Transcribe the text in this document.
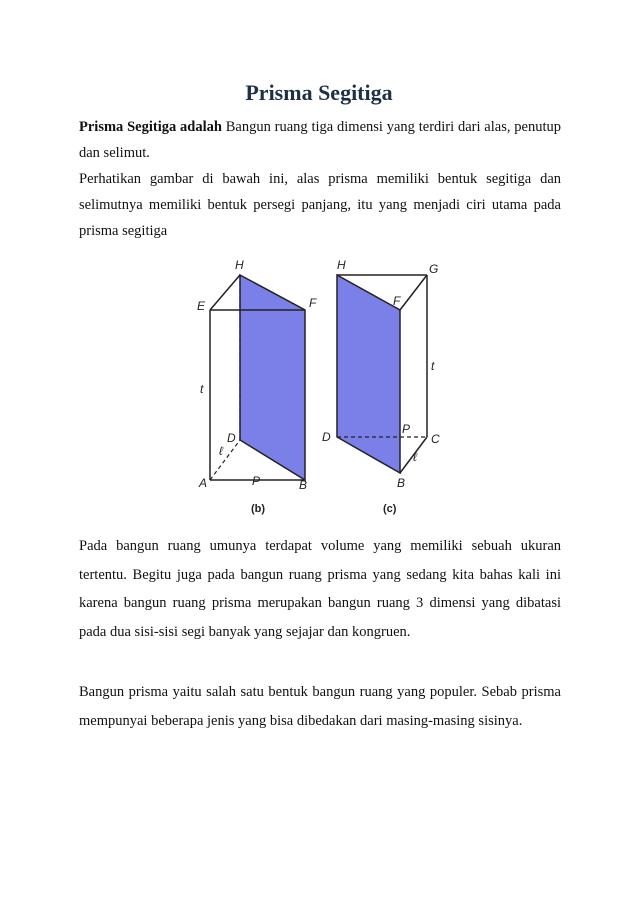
Prisma Segitiga
Prisma Segitiga adalah Bangun ruang tiga dimensi yang terdiri dari alas, penutup dan selimut.
Perhatikan gambar di bawah ini, alas prisma memiliki bentuk segitiga dan selimutnya memiliki bentuk persegi panjang, itu yang menjadi ciri utama pada prisma segitiga
H
E	F
t
D
ℓ
A	P	B
(b)
H	G
F
t
D
P
C
ℓ
B
(c)
Pada bangun ruang umunya terdapat volume yang memiliki sebuah ukuran tertentu. Begitu juga pada bangun ruang prisma yang sedang kita bahas kali ini karena bangun ruang prisma merupakan bangun ruang 3 dimensi yang dibatasi pada dua sisi-sisi segi banyak yang sejajar dan kongruen.
Bangun prisma yaitu salah satu bentuk bangun ruang yang populer. Sebab prisma mempunyai beberapa jenis yang bisa dibedakan dari masing-masing sisinya.
